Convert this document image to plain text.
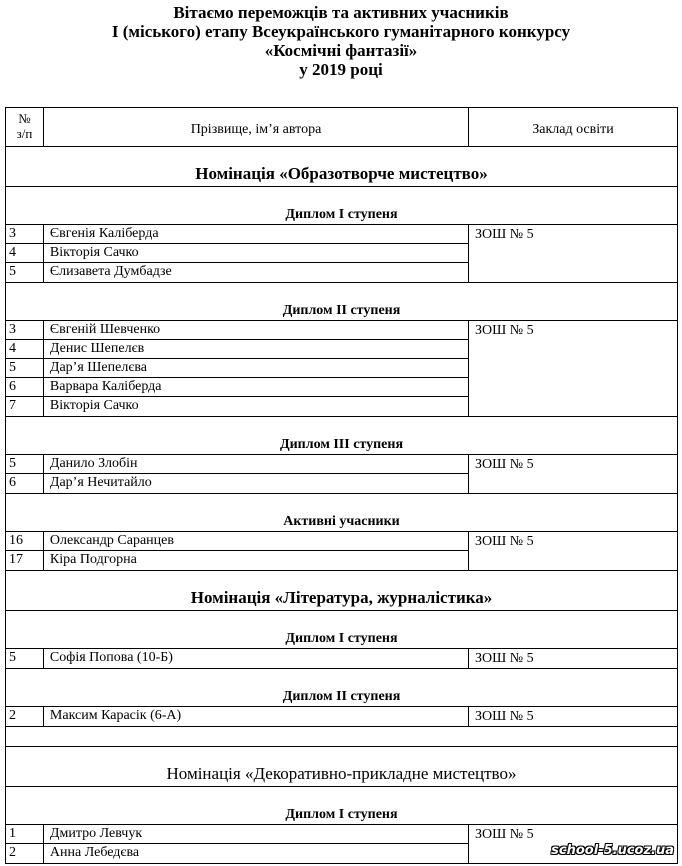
Вітаємо переможців та активних учасників
І (міського) етапу Всеукраїнського гуманітарного конкурсу
«Космічні фантазії»
у 2019 році
№
з/п	Прізвище, ім’я автора	Заклад освіти
Номінація «Образотворче мистецтво»
Диплом І ступеня
3	Євгенія Каліберда
4	Вікторія Сачко
5	Єлизавета Думбадзе
ЗОШ № 5
Диплом ІІ ступеня
3	Євгеній Шевченко
4	Денис Шепелєв
5	Дар’я Шепелєва
6	Варвара Каліберда
7	Вікторія Сачко
ЗОШ № 5
Диплом ІІІ ступеня
5	Данило Злобін
6	Дар’я Нечитайло
ЗОШ № 5
Активні учасники
16	Олександр Саранцев
17	Кіра Подгорна
ЗОШ № 5
Номінація «Література, журналістика»
Диплом І ступеня
5	Софія Попова (10-Б)	ЗОШ № 5
Диплом ІІ ступеня
2	Максим Карасік (6-А)	ЗОШ № 5
Номінація «Декоративно-прикладне мистецтво»
Диплом І ступеня
1	Дмитро Левчук
2	Анна Лебедєва
ЗОШ № 5
school-5.ucoz.ua
